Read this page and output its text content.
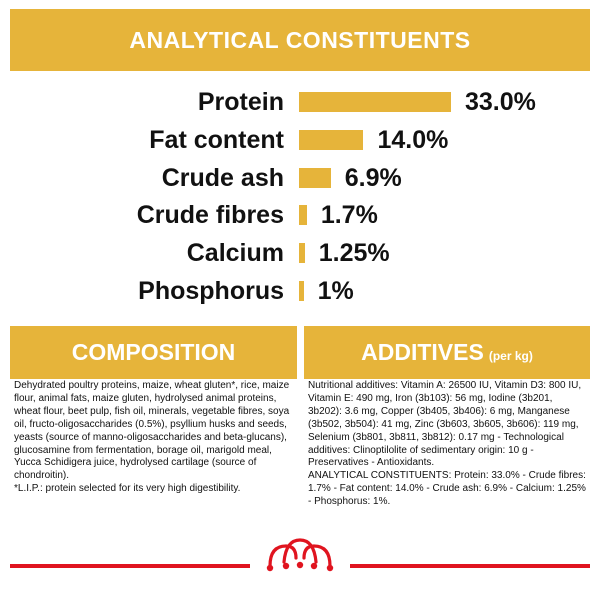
ANALYTICAL CONSTITUENTS
Protein	33.0%
Fat content	14.0%
Crude ash 6.9%
Crude fibres 1.7%
Calcium 1.25%
Phosphorus 1%
COMPOSITION

Dehydrated poultry proteins, maize, wheat gluten*, rice, maize flour, animal fats, maize gluten, hydrolysed animal proteins, wheat flour, beet pulp, fish oil, minerals, vegetable fibres, soya oil, fructo-oligosaccharides (0.5%), psyllium husks and seeds, yeasts (source of manno-oligosaccharides and beta-glucans), glucosamine from fermentation, borage oil, marigold meal, Yucca Schidigera juice, hydrolysed cartilage (source of chondroitin).

*L.I.P.: protein selected for its very high digestibility.

ADDITIVES (per kg)

Nutritional additives: Vitamin A: 26500 IU, Vitamin D3: 800 IU, Vitamin E: 490 mg, Iron (3b103): 56 mg, Iodine (3b201, 3b202): 3.6 mg, Copper (3b405, 3b406): 6 mg, Manganese (3b502, 3b504): 41 mg, Zinc (3b603, 3b605, 3b606): 119 mg, Selenium (3b801, 3b811, 3b812): 0.17 mg - Technological additives: Clinoptilolite of sedimentary origin: 10 g - Preservatives - Antioxidants.

ANALYTICAL CONSTITUENTS: Protein: 33.0% - Crude fibres: 1.7% - Fat content: 14.0% - Crude ash: 6.9% - Calcium: 1.25% - Phosphorus: 1%.
